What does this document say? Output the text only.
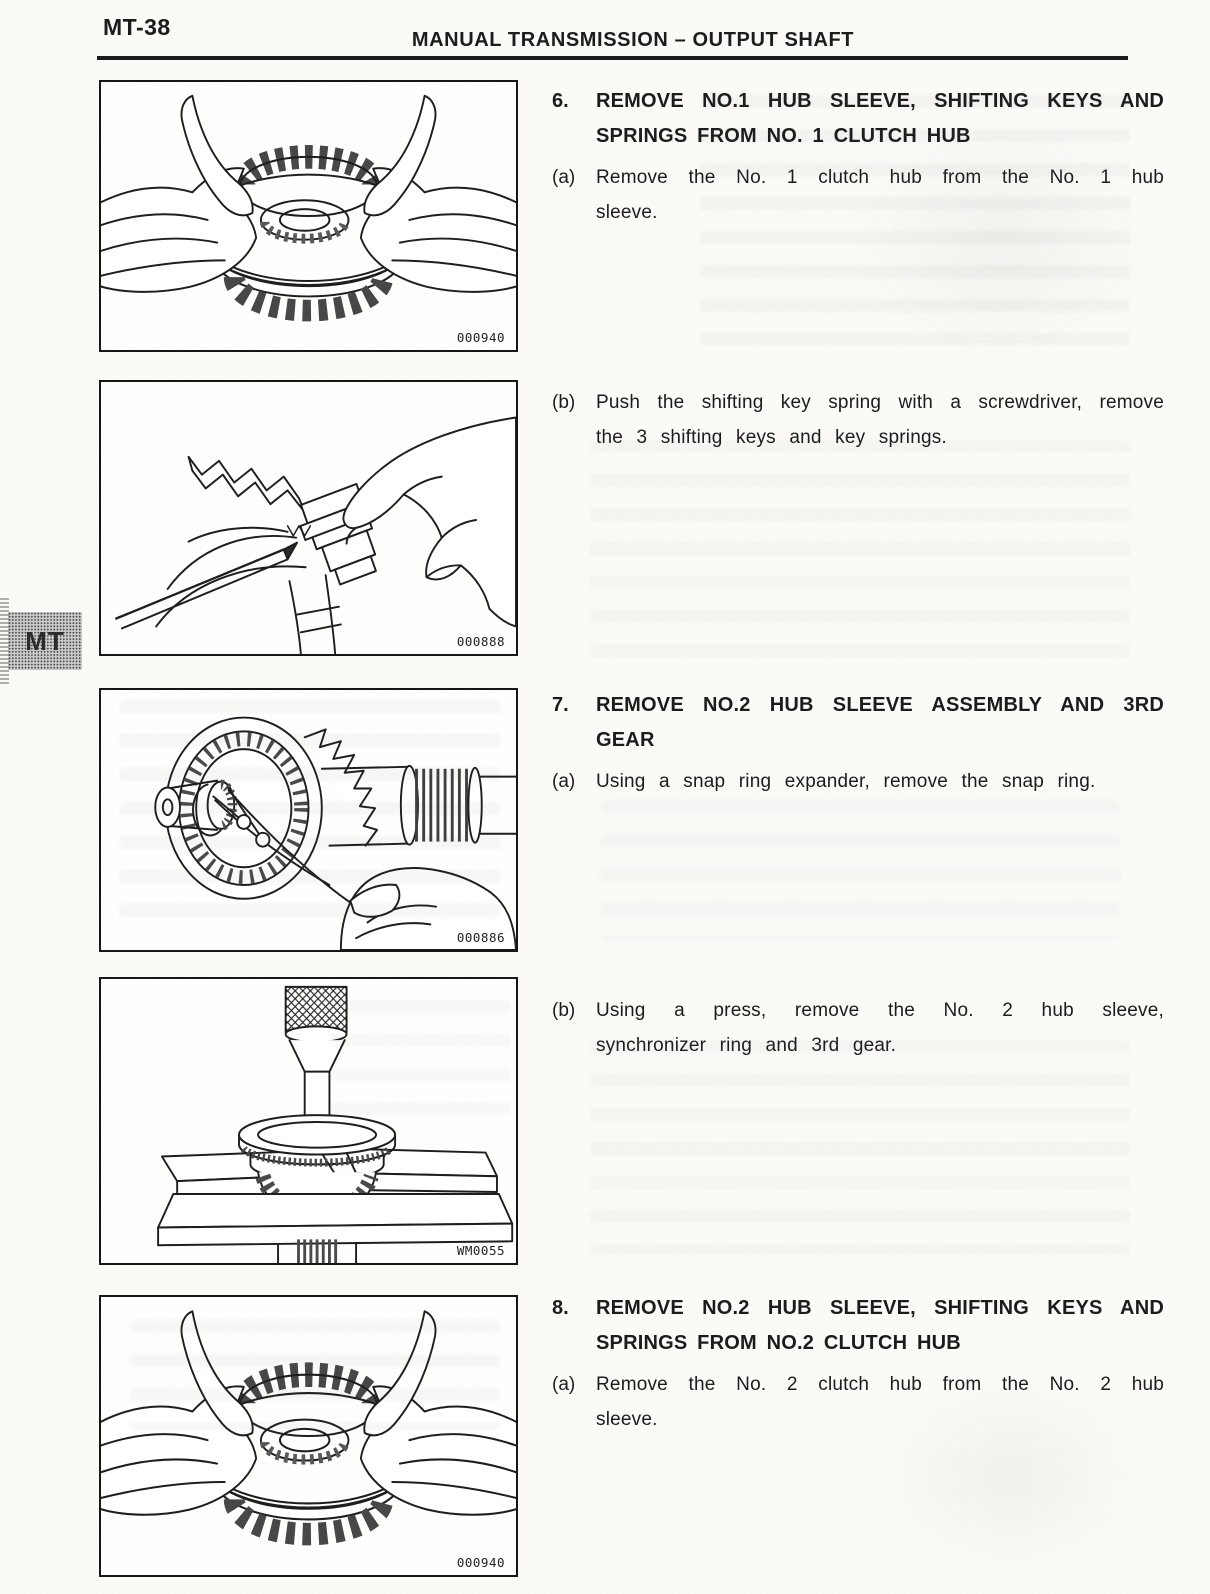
MT-38	MANUAL TRANSMISSION – OUTPUT SHAFT
MT
000940
000888
000886
WM0055
000940
6.	REMOVE NO.1 HUB SLEEVE, SHIFTING KEYS AND
SPRINGS FROM NO. 1 CLUTCH HUB
(a)	Remove the No. 1 clutch hub from the No. 1 hub sleeve.
(b)	Push the shifting key spring with a screwdriver, remove the 3 shifting keys and key springs.
7.	REMOVE NO.2 HUB SLEEVE ASSEMBLY AND 3RD
GEAR
(a)	Using a snap ring expander, remove the snap ring.
(b)	Using a press, remove the No. 2 hub sleeve, synchronizer ring and 3rd gear.
8.	REMOVE NO.2 HUB SLEEVE, SHIFTING KEYS AND
SPRINGS FROM NO.2 CLUTCH HUB
(a)	Remove the No. 2 clutch hub from the No. 2 hub sleeve.
